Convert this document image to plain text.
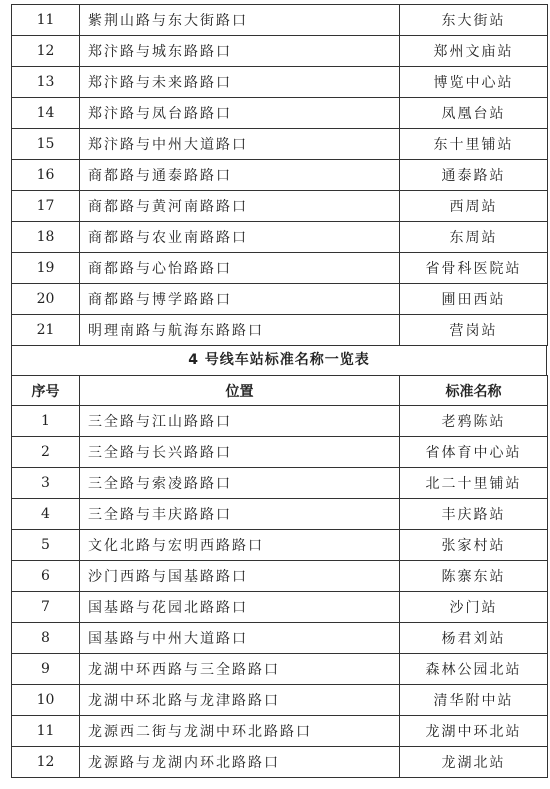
11	紫荆山路与东大街路口	东大街站
12	郑汴路与城东路路口	郑州文庙站
13	郑汴路与未来路路口	博览中心站
14	郑汴路与凤台路路口	凤凰台站
15	郑汴路与中州大道路口	东十里铺站
16	商都路与通泰路路口	通泰路站
17	商都路与黄河南路路口	西周站
18	商都路与农业南路路口	东周站
19	商都路与心怡路路口	省骨科医院站
20	商都路与博学路路口	圃田西站
21	明理南路与航海东路路口	营岗站
4 号线车站标准名称一览表
序号	位置	标准名称
1	三全路与江山路路口	老鸦陈站
2	三全路与长兴路路口	省体育中心站
3	三全路与索凌路路口	北二十里铺站
4	三全路与丰庆路路口	丰庆路站
5	文化北路与宏明西路路口	张家村站
6	沙门西路与国基路路口	陈寨东站
7	国基路与花园北路路口	沙门站
8	国基路与中州大道路口	杨君刘站
9	龙湖中环西路与三全路路口	森林公园北站
10	龙湖中环北路与龙津路路口	清华附中站
11	龙源西二街与龙湖中环北路路口	龙湖中环北站
12	龙源路与龙湖内环北路路口	龙湖北站
